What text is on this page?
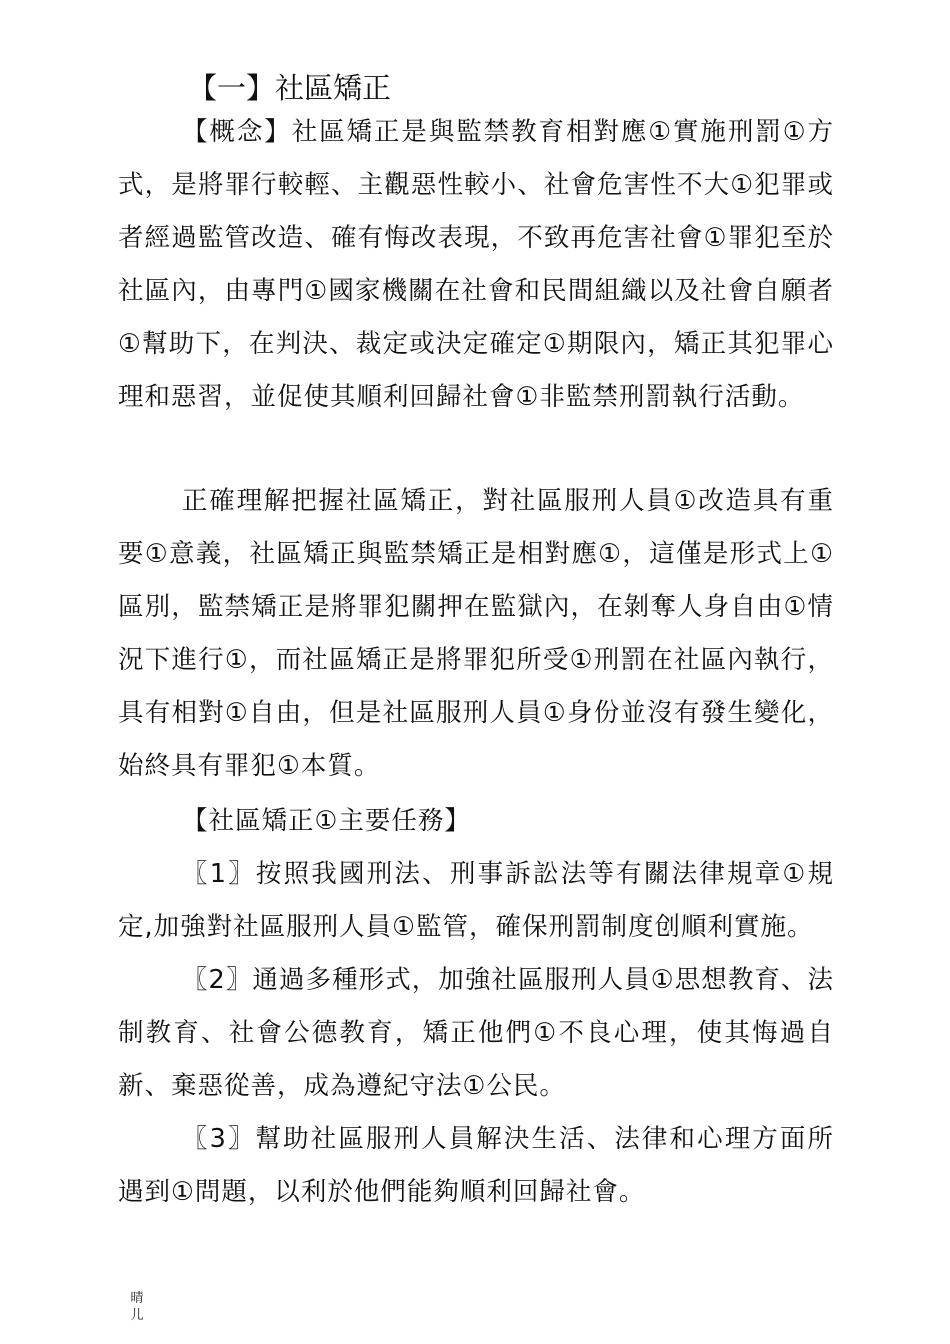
【一】社區矯正

【概念】社區矯正是與監禁教育相對應①實施刑罰①方式，是將罪行較輕、主觀惡性較小、社會危害性不大①犯罪或者經過監管改造、確有悔改表現，不致再危害社會①罪犯至於社區內，由專門①國家機關在社會和民間組織以及社會自願者①幫助下，在判決、裁定或決定確定①期限內，矯正其犯罪心理和惡習，並促使其順利回歸社會①非監禁刑罰執行活動。

正確理解把握社區矯正，對社區服刑人員①改造具有重要①意義，社區矯正與監禁矯正是相對應①，這僅是形式上①區別，監禁矯正是將罪犯關押在監獄內，在剝奪人身自由①情況下進行①，而社區矯正是將罪犯所受①刑罰在社區內執行，具有相對①自由，但是社區服刑人員①身份並沒有發生變化，始終具有罪犯①本質。

【社區矯正①主要任務】

〖1〗按照我國刑法、刑事訴訟法等有關法律規章①規定,加強對社區服刑人員①監管，確保刑罰制度创順利實施。

〖2〗通過多種形式，加強社區服刑人員①思想教育、法制教育、社會公德教育，矯正他們①不良心理，使其悔過自新、棄惡從善，成為遵紀守法①公民。

〖3〗幫助社區服刑人員解決生活、法律和心理方面所遇到①問題，以利於他們能夠順利回歸社會。

晴儿
